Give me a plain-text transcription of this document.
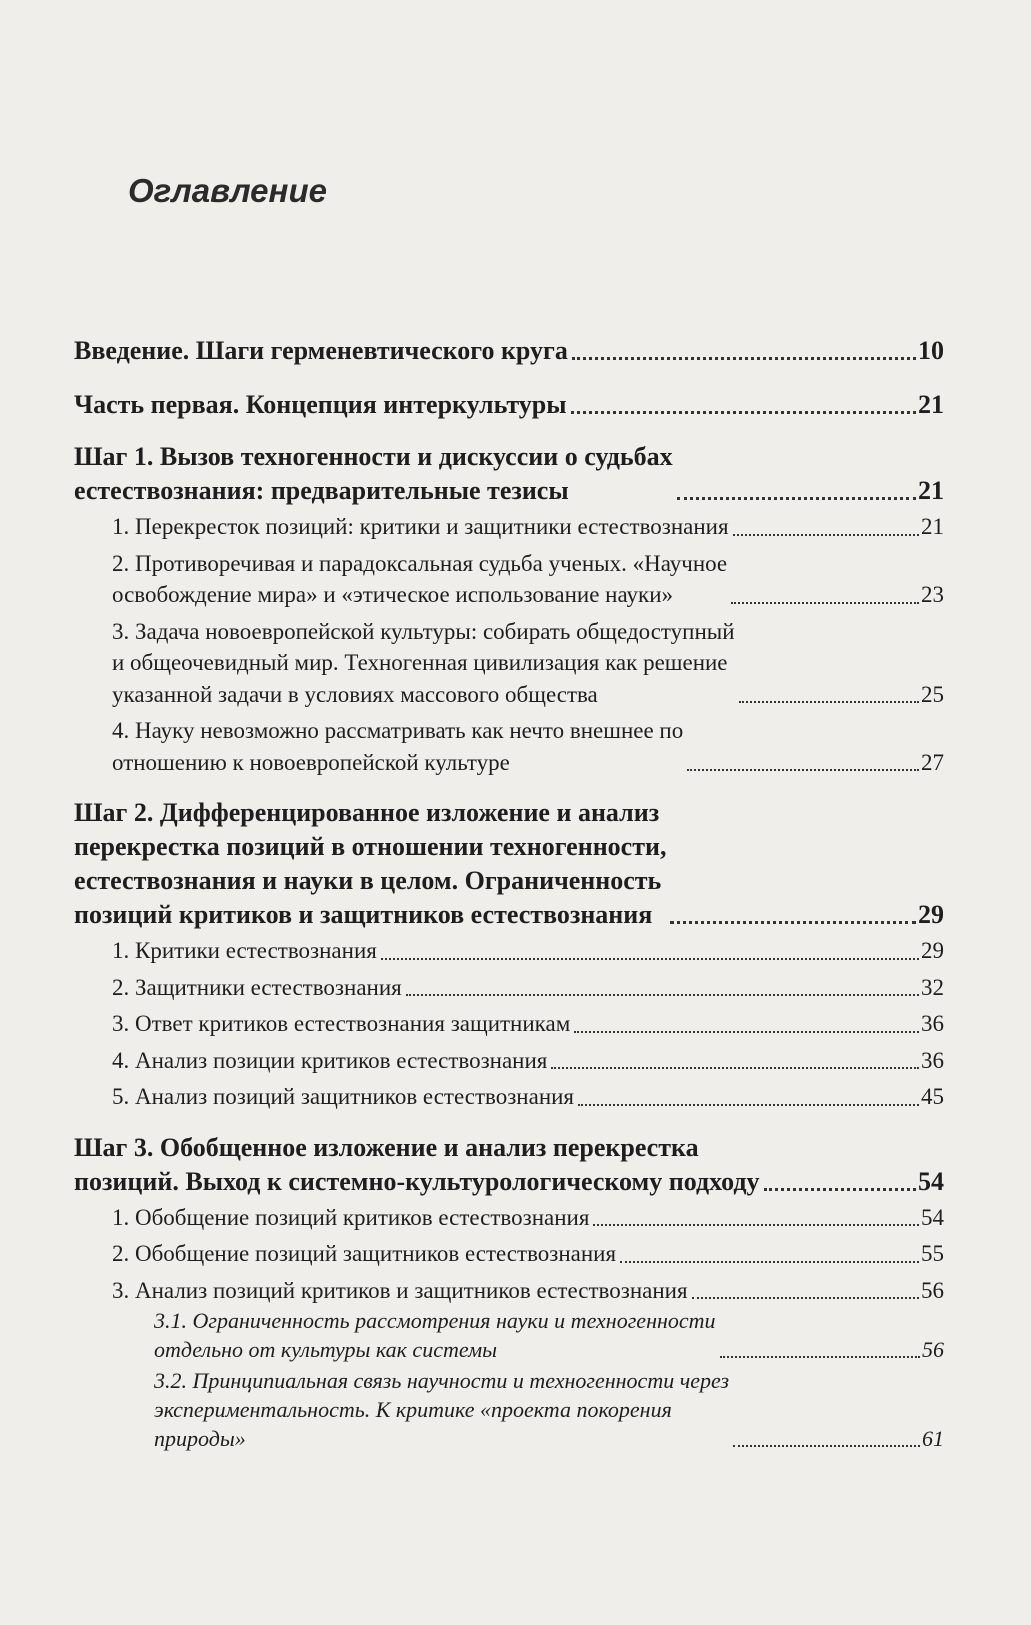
Оглавление
Введение. Шаги герменевтического круга	10
Часть первая. Концепция интеркультуры	21
Шаг 1. Вызов техногенности и дискуссии о судьбах
естествознания: предварительные тезисы	21
1. Перекресток позиций: критики и защитники естествознания	21
2. Противоречивая и парадоксальная судьба ученых. «Научное
освобождение мира» и «этическое использование науки»	23
3. Задача новоевропейской культуры: собирать общедоступный
и общеочевидный мир. Техногенная цивилизация как решение
указанной задачи в условиях массового общества	25
4. Науку невозможно рассматривать как нечто внешнее по
отношению к новоевропейской культуре	27
Шаг 2. Дифференцированное изложение и анализ
перекрестка позиций в отношении техногенности,
естествознания и науки в целом. Ограниченность
позиций критиков и защитников естествознания	29
1. Критики естествознания	29
2. Защитники естествознания	32
3. Ответ критиков естествознания защитникам	36
4. Анализ позиции критиков естествознания	36
5. Анализ позиций защитников естествознания	45
Шаг 3. Обобщенное изложение и анализ перекрестка
позиций. Выход к системно-культурологическому подходу	54
1. Обобщение позиций критиков естествознания	54
2. Обобщение позиций защитников естествознания	55
3. Анализ позиций критиков и защитников естествознания	56
3.1. Ограниченность рассмотрения науки и техногенности
отдельно от культуры как системы	56
3.2. Принципиальная связь научности и техногенности через
экспериментальность. К критике «проекта покорения
природы»	61
